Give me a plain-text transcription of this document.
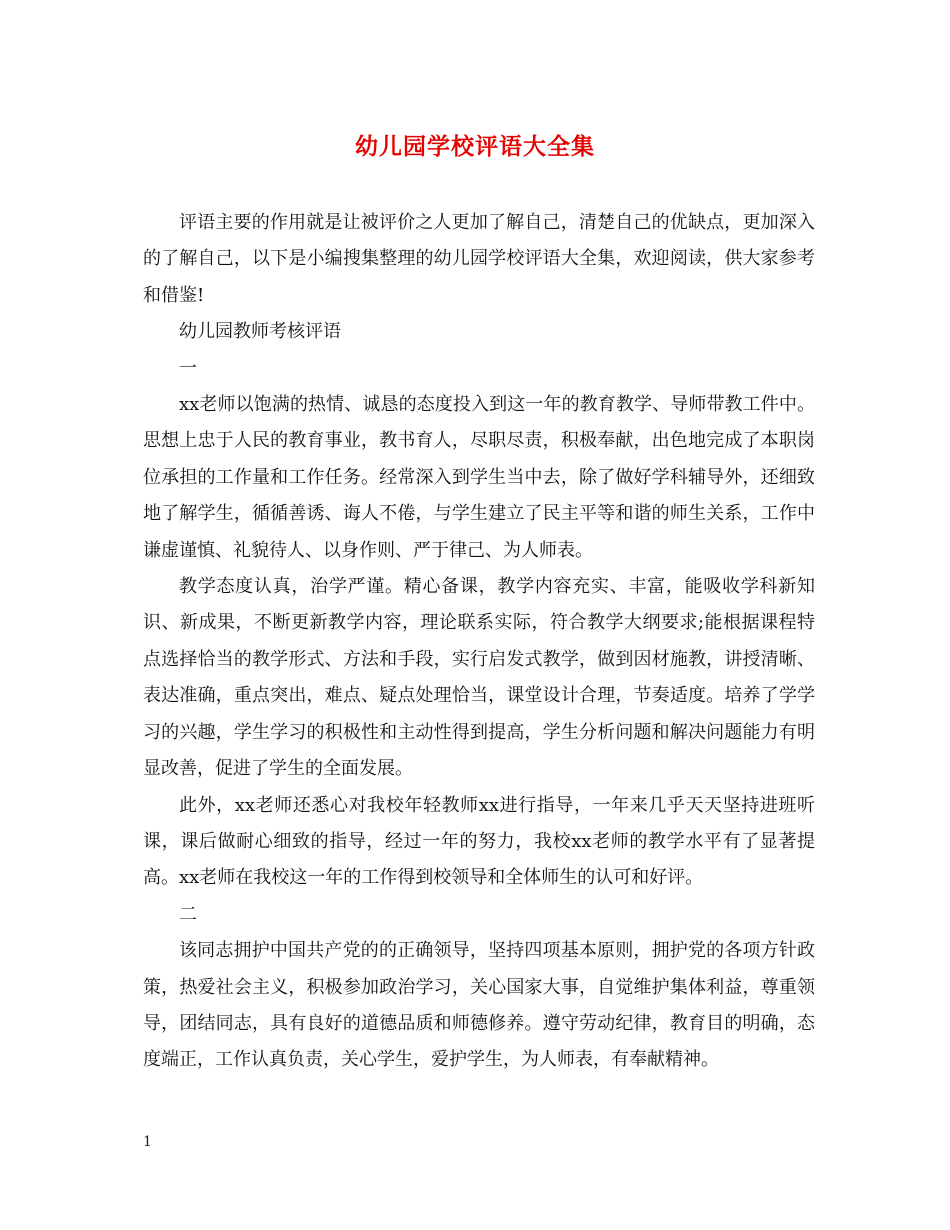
幼儿园学校评语大全集

评语主要的作用就是让被评价之人更加了解自己，清楚自己的优缺点，更加深入的了解自己，以下是小编搜集整理的幼儿园学校评语大全集，欢迎阅读，供大家参考和借鉴!

幼儿园教师考核评语

一

xx老师以饱满的热情、诚恳的态度投入到这一年的教育教学、导师带教工件中。思想上忠于人民的教育事业，教书育人，尽职尽责，积极奉献，出色地完成了本职岗位承担的工作量和工作任务。经常深入到学生当中去，除了做好学科辅导外，还细致地了解学生，循循善诱、诲人不倦，与学生建立了民主平等和谐的师生关系，工作中谦虚谨慎、礼貌待人、以身作则、严于律己、为人师表。

教学态度认真，治学严谨。精心备课，教学内容充实、丰富，能吸收学科新知识、新成果，不断更新教学内容，理论联系实际，符合教学大纲要求;能根据课程特点选择恰当的教学形式、方法和手段，实行启发式教学，做到因材施教，讲授清晰、表达准确，重点突出，难点、疑点处理恰当，课堂设计合理，节奏适度。培养了学学习的兴趣，学生学习的积极性和主动性得到提高，学生分析问题和解决问题能力有明显改善，促进了学生的全面发展。

此外，xx老师还悉心对我校年轻教师xx进行指导，一年来几乎天天坚持进班听课，课后做耐心细致的指导，经过一年的努力，我校xx老师的教学水平有了显著提高。xx老师在我校这一年的工作得到校领导和全体师生的认可和好评。

二

该同志拥护中国共产党的的正确领导，坚持四项基本原则，拥护党的各项方针政策，热爱社会主义，积极参加政治学习，关心国家大事，自觉维护集体利益，尊重领导，团结同志，具有良好的道德品质和师德修养。遵守劳动纪律，教育目的明确，态度端正，工作认真负责，关心学生，爱护学生，为人师表，有奉献精神。

1
